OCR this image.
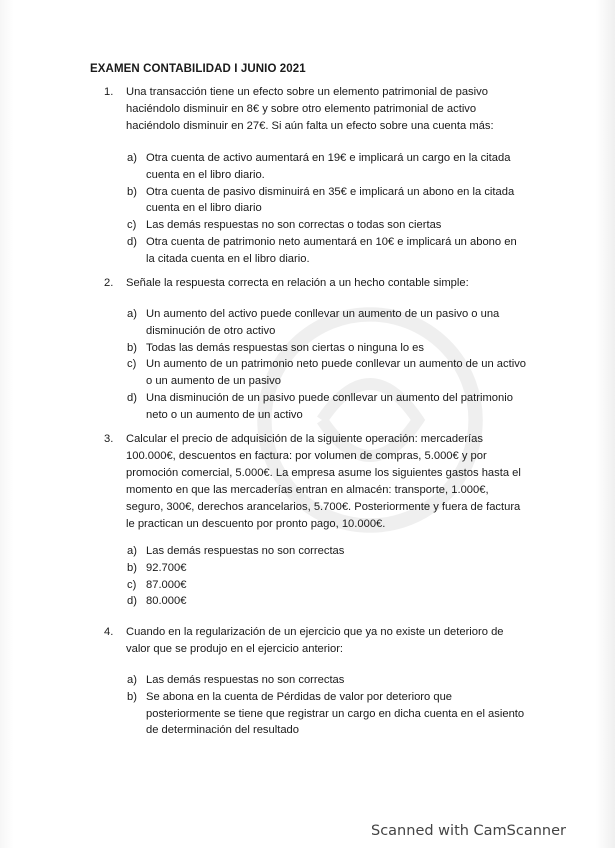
EXAMEN CONTABILIDAD I JUNIO 2021
1.	Una transacción tiene un efecto sobre un elemento patrimonial de pasivo haciéndolo disminuir en 8€ y sobre otro elemento patrimonial de activo haciéndolo disminuir en 27€. Si aún falta un efecto sobre una cuenta más:
a) Otra cuenta de activo aumentará en 19€ e implicará un cargo en la citada cuenta en el libro diario.
b) Otra cuenta de pasivo disminuirá en 35€ e implicará un abono en la citada cuenta en el libro diario
c) Las demás respuestas no son correctas o todas son ciertas
d) Otra cuenta de patrimonio neto aumentará en 10€ e implicará un abono en la citada cuenta en el libro diario.
2.	Señale la respuesta correcta en relación a un hecho contable simple:
a) Un aumento del activo puede conllevar un aumento de un pasivo o una disminución de otro activo
b) Todas las demás respuestas son ciertas o ninguna lo es
c) Un aumento de un patrimonio neto puede conllevar un aumento de un activo o un aumento de un pasivo
d) Una disminución de un pasivo puede conllevar un aumento del patrimonio neto o un aumento de un activo
3.	Calcular el precio de adquisición de la siguiente operación: mercaderías 100.000€, descuentos en factura: por volumen de compras, 5.000€ y por promoción comercial, 5.000€. La empresa asume los siguientes gastos hasta el momento en que las mercaderías entran en almacén: transporte, 1.000€, seguro, 300€, derechos arancelarios, 5.700€. Posteriormente y fuera de factura le practican un descuento por pronto pago, 10.000€.
a) Las demás respuestas no son correctas
b) 92.700€
c) 87.000€
d) 80.000€
4.	Cuando en la regularización de un ejercicio que ya no existe un deterioro de valor que se produjo en el ejercicio anterior:
a) Las demás respuestas no son correctas
b) Se abona en la cuenta de Pérdidas de valor por deterioro que posteriormente se tiene que registrar un cargo en dicha cuenta en el asiento de determinación del resultado
Scanned with CamScanner
